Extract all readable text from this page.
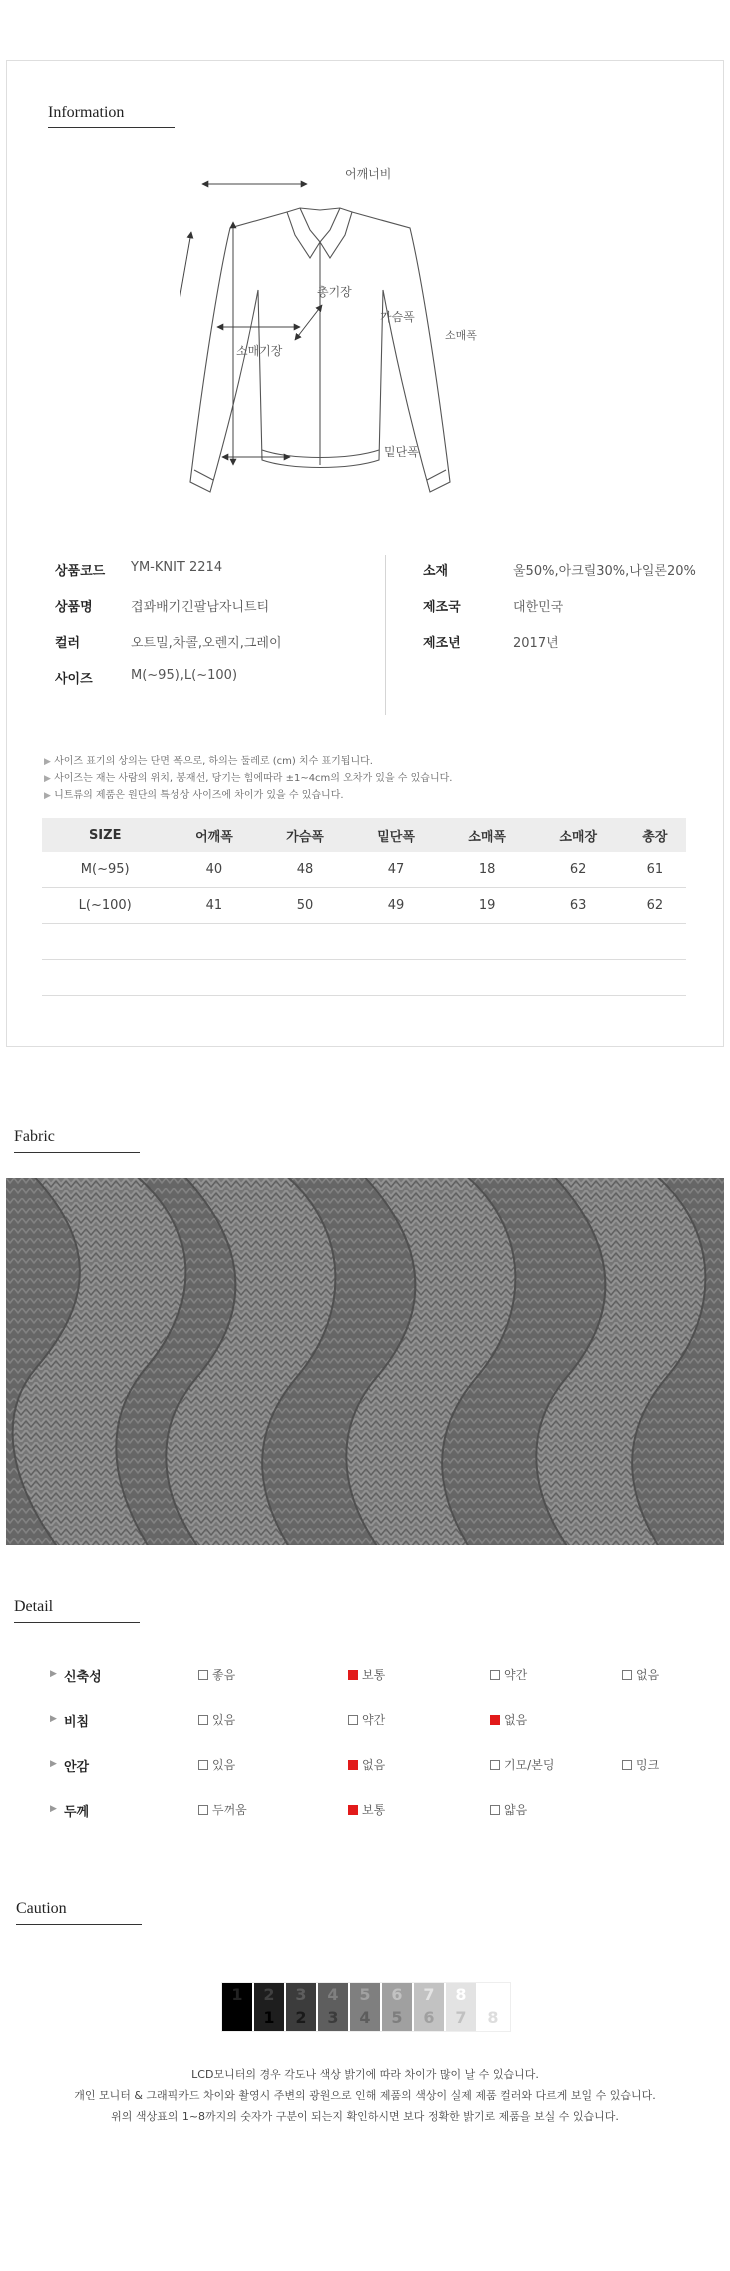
Information
어깨너비
총기장
가슴폭
소매기장
소매폭
밑단폭
상품코드 YM-KNIT 2214
상품명	겹꽈배기긴팔남자니트티
컬러	오트밀,차콜,오렌지,그레이
사이즈	M(~95),L(~100)
소재	울50%,아크릴30%,나일론20%
제조국	대한민국
제조년	2017년
▶ 사이즈 표기의 상의는 단면 폭으로, 하의는 둘레로 (cm) 치수 표기됩니다.
▶ 사이즈는 재는 사람의 위치, 봉재선, 당기는 힘에따라 ±1~4cm의 오차가 있을 수 있습니다.
▶ 니트류의 제품은 원단의 특성상 사이즈에 차이가 있을 수 있습니다.
SIZE	어깨폭	가슴폭	밑단폭	소매폭	소매장	총장
M(~95)	40	48	47	18	62	61
L(~100)	41	50	49	19	63	62

Fabric
Detail
▶ 신축성	좋음	보통	약간	없음
▶ 비침	있음	약간	없음
▶ 안감	있음	없음	기모/본딩	밍크
▶ 두께	두꺼움	보통	얇음
Caution
1	2
1
3
2
4
3
5
4
6
5
7
6
8
7	8
LCD모니터의 경우 각도나 색상 밝기에 따라 차이가 많이 날 수 있습니다.
개인 모니터 & 그래픽카드 차이와 촬영시 주변의 광원으로 인해 제품의 색상이 실제 제품 컬러와 다르게 보일 수 있습니다.
위의 색상표의 1~8까지의 숫자가 구분이 되는지 확인하시면 보다 정확한 밝기로 제품을 보실 수 있습니다.
